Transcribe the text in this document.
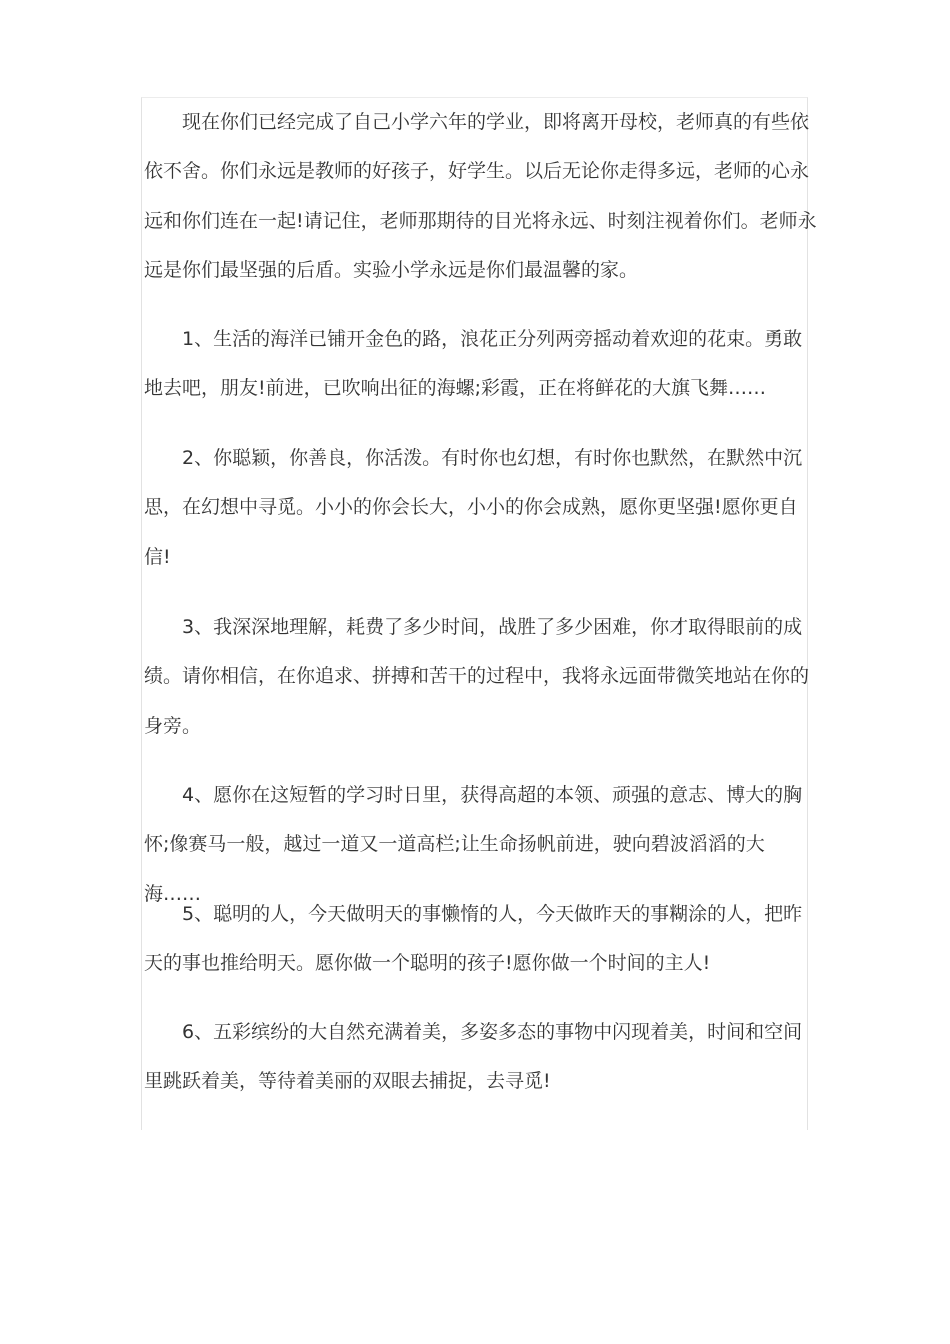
现在你们已经完成了自己小学六年的学业，即将离开母校，老师真的有些依依不舍。你们永远是教师的好孩子，好学生。以后无论你走得多远，老师的心永远和你们连在一起!请记住，老师那期待的目光将永远、时刻注视着你们。老师永远是你们最坚强的后盾。实验小学永远是你们最温馨的家。

1、生活的海洋已铺开金色的路，浪花正分列两旁摇动着欢迎的花束。勇敢地去吧，朋友!前进，已吹响出征的海螺;彩霞，正在将鲜花的大旗飞舞……

2、你聪颖，你善良，你活泼。有时你也幻想，有时你也默然，在默然中沉思，在幻想中寻觅。小小的你会长大，小小的你会成熟，愿你更坚强!愿你更自信!

3、我深深地理解，耗费了多少时间，战胜了多少困难，你才取得眼前的成绩。请你相信，在你追求、拼搏和苦干的过程中，我将永远面带微笑地站在你的身旁。

4、愿你在这短暂的学习时日里，获得高超的本领、顽强的意志、博大的胸怀;像赛马一般，越过一道又一道高栏;让生命扬帆前进，驶向碧波滔滔的大海……

5、聪明的人，今天做明天的事懒惰的人，今天做昨天的事糊涂的人，把昨天的事也推给明天。愿你做一个聪明的孩子!愿你做一个时间的主人!

6、五彩缤纷的大自然充满着美，多姿多态的事物中闪现着美，时间和空间里跳跃着美，等待着美丽的双眼去捕捉，去寻觅!
